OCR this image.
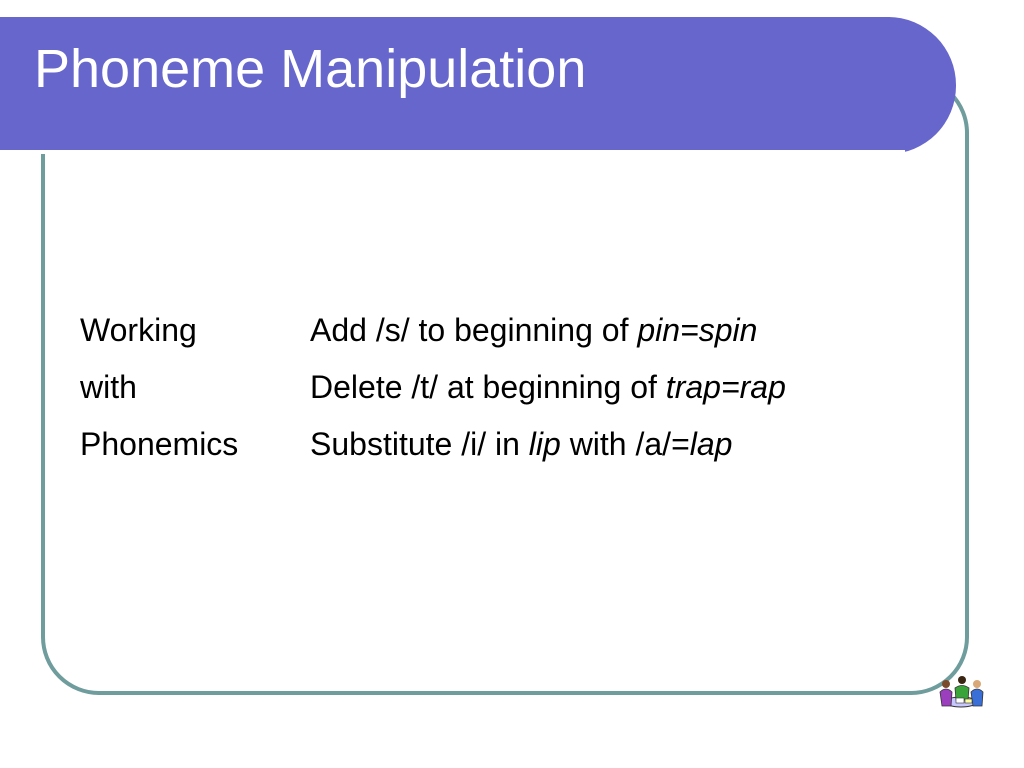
Phoneme Manipulation
Working	Add /s/ to beginning of pin=spin
with	Delete /t/ at beginning of trap=rap
Phonemics	Substitute /i/ in lip with /a/=lap
